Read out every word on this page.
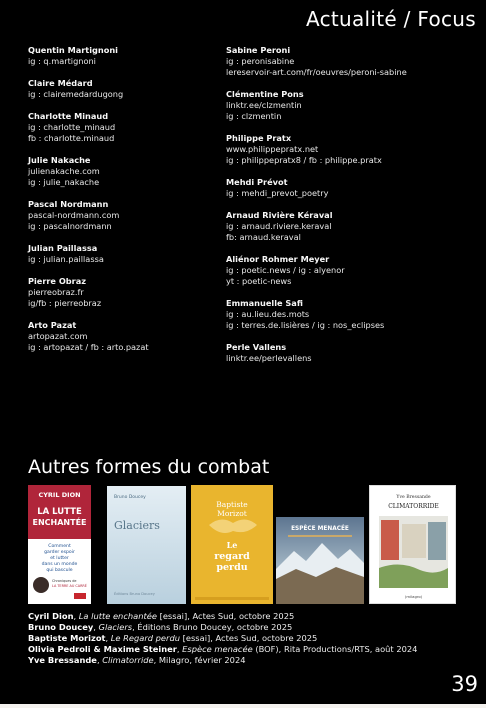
Actualité / Focus
Quentin Martignoni
ig : q.martignoni
Claire Médard
ig : clairemedardugong
Charlotte Minaud
ig : charlotte_minaud
fb : charlotte.minaud
Julie Nakache
julienakache.com
ig : julie_nakache
Pascal Nordmann
pascal-nordmann.com
ig : pascalnordmann
Julian Paillassa
ig : julian.paillassa
Pierre Obraz
pierreobraz.fr
ig/fb : pierreobraz
Arto Pazat
artopazat.com
ig : artopazat / fb : arto.pazat
Sabine Peroni
ig : peronisabine
lereservoir-art.com/fr/oeuvres/peroni-sabine
Clémentine Pons
linktr.ee/clzmentin
ig : clzmentin
Philippe Pratx
www.philippepratx.net
ig : philippepratx8 / fb : philippe.pratx
Mehdi Prévot
ig : mehdi_prevot_poetry
Arnaud Rivière Kéraval
ig : arnaud.riviere.keraval
fb: arnaud.keraval
Aliénor Rohmer Meyer
ig : poetic.news / ig : alyenor
yt : poetic-news
Emmanuelle Safi
ig : au.lieu.des.mots
ig : terres.de.lisières / ig : nos_eclipses
Perle Vallens
linktr.ee/perlevallens
Autres formes du combat
CYRIL DION
LA LUTTE
ENCHANTÉE
Comment
garder espoir
et lutter
dans un monde
qui bascule
Chroniques de
LA TERRE AU CARRÉ
Bruno Doucey
Glaciers
Éditions Bruno Doucey
Baptiste
Morizot
Le
regard
perdu
ESPÈCE MENACÉE
Yve Bressande
CLIMATORRIDE
(milagro)
Cyril Dion, La lutte enchantée [essai], Actes Sud, octobre 2025
Bruno Doucey, Glaciers, Éditions Bruno Doucey, octobre 2025
Baptiste Morizot, Le Regard perdu [essai], Actes Sud, octobre 2025
Olivia Pedroli & Maxime Steiner, Espèce menacée (BOF), Rita Productions/RTS, août 2024
Yve Bressande, Climatorride, Milagro, février 2024
39
